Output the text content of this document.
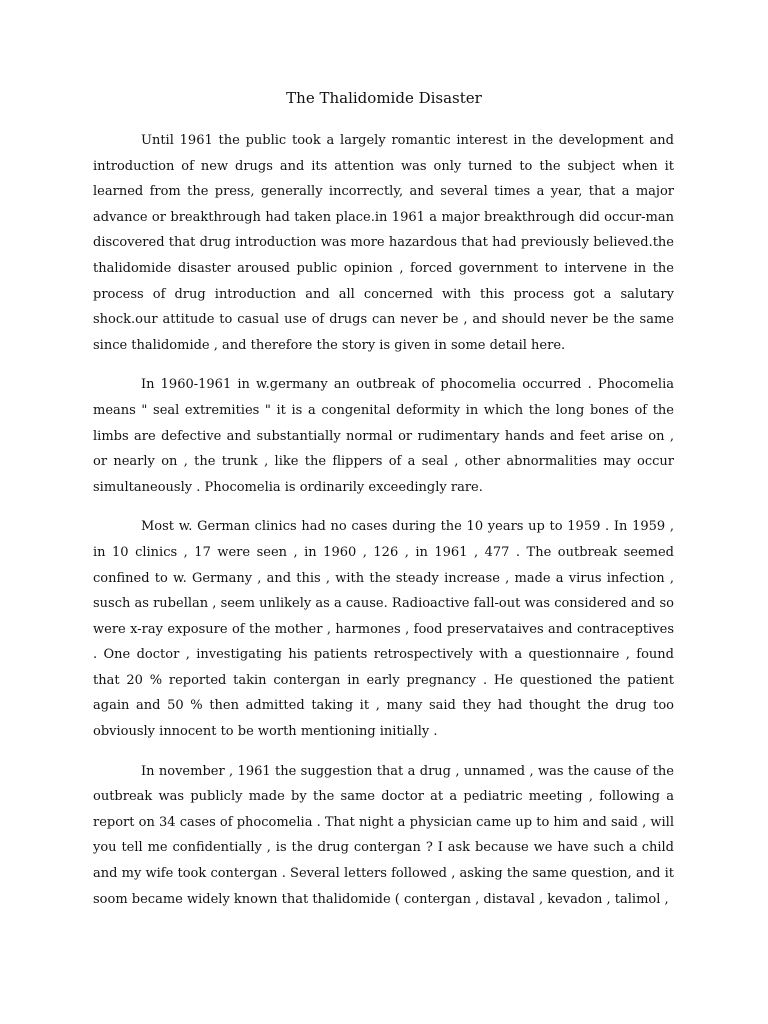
The Thalidomide Disaster

Until 1961 the public took a largely romantic interest in the development and introduction of new drugs and its attention was only turned to the subject when it learned from the press, generally incorrectly, and several times a year, that a major advance or breakthrough had taken place.in 1961 a major breakthrough did occur-man discovered that drug introduction was more hazardous that had previously believed.the thalidomide disaster aroused public opinion , forced government to intervene in the process of drug introduction and all concerned with this process got a salutary shock.our attitude to casual use of drugs can never be , and should never be the same since thalidomide , and therefore the story is given in some detail here.

In 1960-1961 in w.germany an outbreak of phocomelia occurred . Phocomelia means " seal extremities " it is a congenital deformity in which the long bones of the limbs are defective and substantially normal or rudimentary hands and feet arise on , or nearly on , the trunk , like the flippers of a seal , other abnormalities may occur simultaneously . Phocomelia is ordinarily exceedingly rare.

Most w. German clinics had no cases during the 10 years up to 1959 . In 1959 , in 10 clinics , 17 were seen , in 1960 , 126 , in 1961 , 477 . The outbreak seemed confined to w. Germany , and this , with the steady increase , made a virus infection , susch as rubellan , seem unlikely as a cause. Radioactive fall-out was considered and so were x-ray exposure of the mother , harmones , food preservataives and contraceptives . One doctor , investigating his patients retrospectively with a questionnaire , found that 20 % reported takin contergan in early pregnancy . He questioned the patient again and 50 % then admitted taking it , many said they had thought the drug too obviously innocent to be worth mentioning initially .

In november , 1961 the suggestion that a drug , unnamed , was the cause of the outbreak was publicly made by the same doctor at a pediatric meeting , following a report on 34 cases of phocomelia . That night a physician came up to him and said , will you tell me confidentially , is the drug contergan ? I ask because we have such a child and my wife took contergan . Several letters followed , asking the same question, and it soom became widely known that thalidomide ( contergan , distaval , kevadon , talimol ,
